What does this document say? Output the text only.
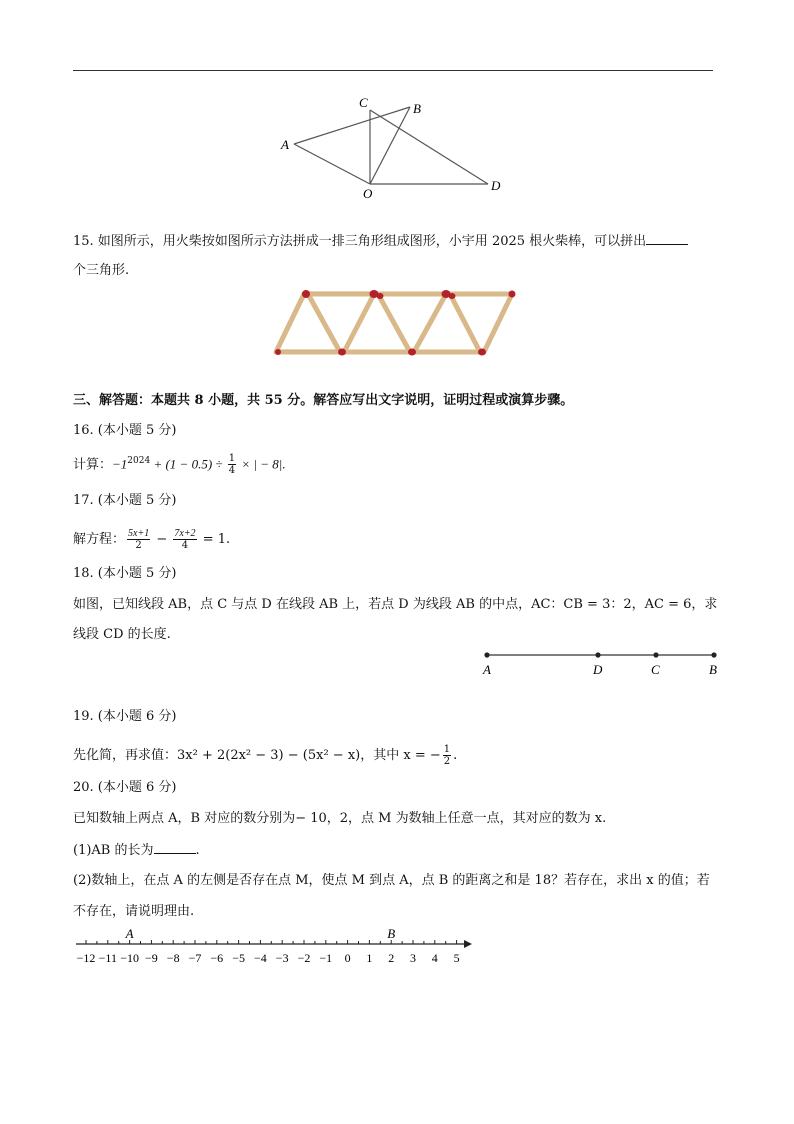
A
B
C
O
D
15. 如图所示，用火柴按如图所示方法拼成一排三角形组成图形，小宇用 2025 根火柴棒，可以拼出
个三角形.
三、解答题：本题共 8 小题，共 55 分。解答应写出文字说明，证明过程或演算步骤。
16. (本小题 5 分)
计算：$-1^{2024} + (1 - 0.5) \div \frac{1}{4}$ × | − 8|.
17. (本小题 5 分)
解方程： $\frac{5x+1}{2} - \frac{7x+2}{4} = 1$.
18. (本小题 5 分)
如图，已知线段 AB，点 C 与点 D 在线段 AB 上，若点 D 为线段 AB 的中点，AC：CB = 3：2，AC = 6，求
线段 CD 的长度.
A	D	C	B
19. (本小题 6 分)
先化简，再求值：3x² + 2(2x² − 3) − (5x² − x)，其中 x = − $\frac{1}{2}$ .
20. (本小题 6 分)
已知数轴上两点 A，B 对应的数分别为− 10，2，点 M 为数轴上任意一点，其对应的数为 x.
(1)AB 的长为	.
(2)数轴上，在点 A 的左侧是否存在点 M，使点 M 到点 A，点 B 的距离之和是 18？若存在，求出 x 的值；若
不存在，请说明理由.
−12 −11 −10 −9 −8 −7 −6 −5 −4 −3 −2 −1 0 1 2 3 4 5
A	B
